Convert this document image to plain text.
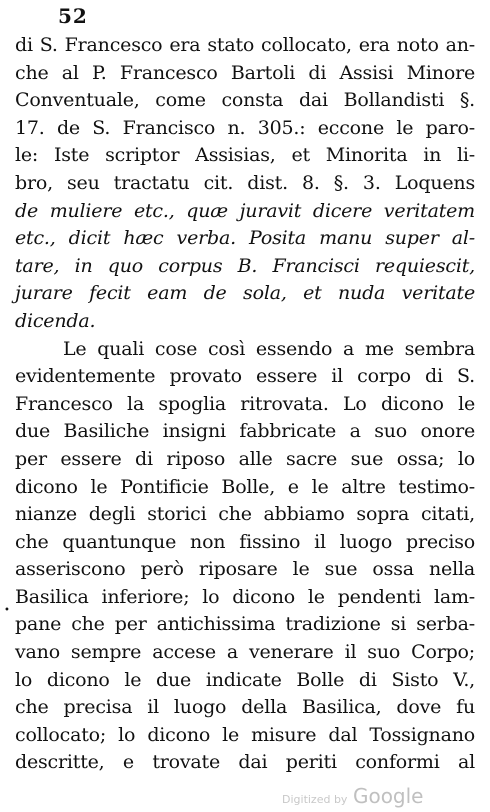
52
di S. Francesco era stato collocato, era noto an-
che al P. Francesco Bartoli di Assisi Minore
Conventuale, come consta dai Bollandisti §.
17. de S. Francisco n. 305.: eccone le paro-
le: Iste scriptor Assisias, et Minorita in li-
bro, seu tractatu cit. dist. 8. §. 3. Loquens
de muliere etc., quæ juravit dicere veritatem
etc., dicit hæc verba. Posita manu super al-
tare, in quo corpus B. Francisci requiescit,
jurare fecit eam de sola, et nuda veritate
dicenda.
Le quali cose così essendo a me sembra
evidentemente provato essere il corpo di S.
Francesco la spoglia ritrovata. Lo dicono le
due Basiliche insigni fabbricate a suo onore
per essere di riposo alle sacre sue ossa; lo
dicono le Pontificie Bolle, e le altre testimo-
nianze degli storici che abbiamo sopra citati,
che quantunque non fissino il luogo preciso
asseriscono però riposare le sue ossa nella
Basilica inferiore; lo dicono le pendenti lam-
pane che per antichissima tradizione si serba-
vano sempre accese a venerare il suo Corpo;
lo dicono le due indicate Bolle di Sisto V.,
che precisa il luogo della Basilica, dove fu
collocato; lo dicono le misure dal Tossignano
descritte, e trovate dai periti conformi al
•
Digitized by Google
